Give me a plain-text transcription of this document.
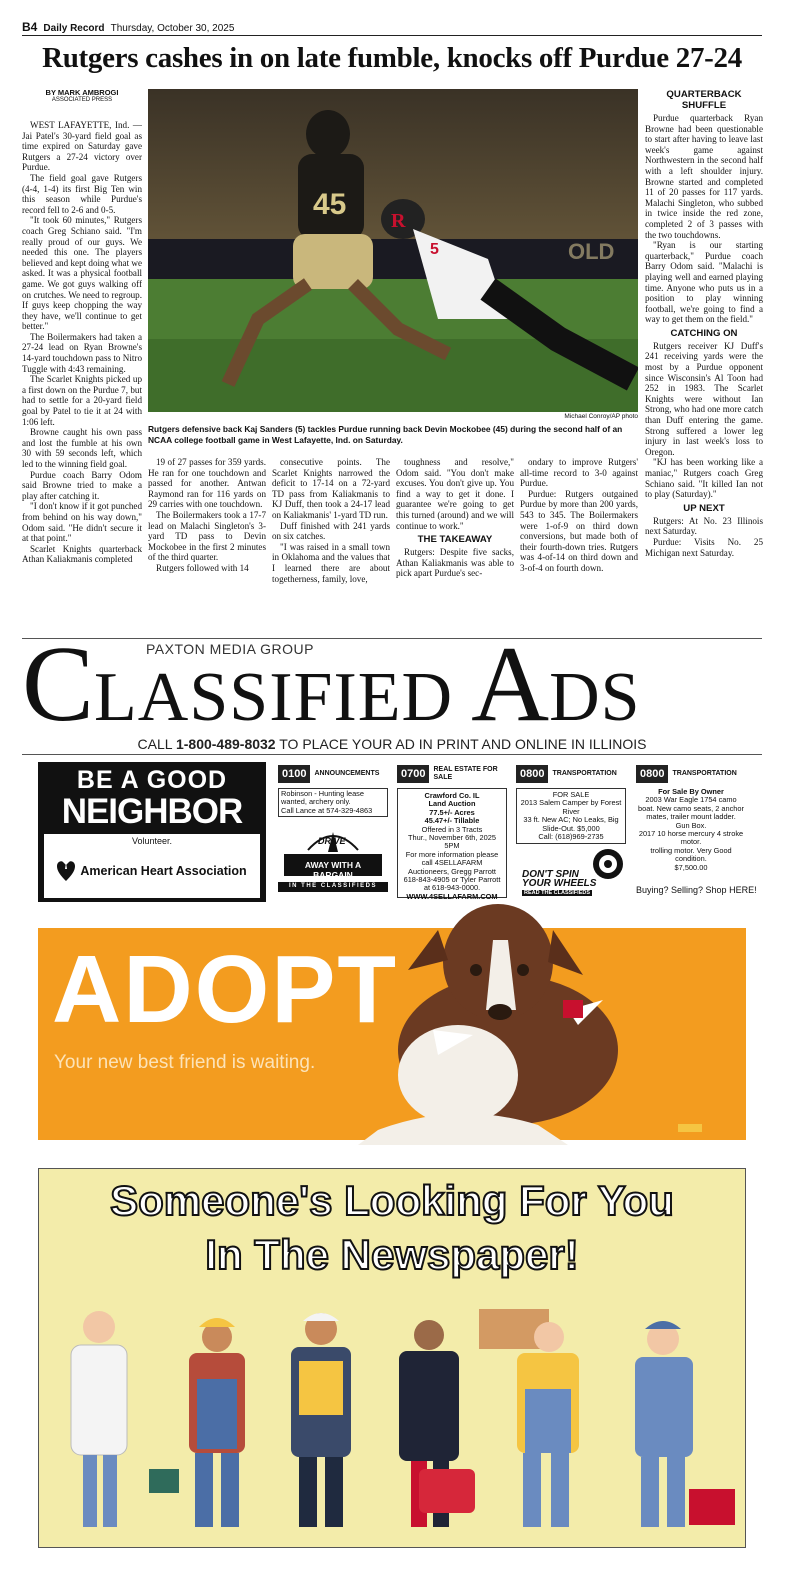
B4 Daily Record Thursday, October 30, 2025
Rutgers cashes in on late fumble, knocks off Purdue 27-24
BY MARK AMBROGI
ASSOCIATED PRESS
OLD
45 R
5
Michael Conroy/AP photo
Rutgers defensive back Kaj Sanders (5) tackles Purdue running back Devin Mockobee (45) during the second half of an NCAA college football game in West Lafayette, Ind. on Saturday.

WEST LAFAYETTE, Ind. — Jai Patel's 30-yard field goal as time expired on Saturday gave Rutgers a 27-24 victory over Purdue.

The field goal gave Rutgers (4-4, 1-4) its first Big Ten win this season while Purdue's record fell to 2-6 and 0-5.

"It took 60 minutes," Rutgers coach Greg Schiano said. "I'm really proud of our guys. We needed this one. The players believed and kept doing what we asked. It was a physical football game. We got guys walking off on crutches. We need to regroup. If guys keep chopping the way they have, we'll continue to get better."

The Boilermakers had taken a 27-24 lead on Ryan Browne's 14-yard touchdown pass to Nitro Tuggle with 4:43 remaining.

The Scarlet Knights picked up a first down on the Purdue 7, but had to settle for a 20-yard field goal by Patel to tie it at 24 with 1:06 left.

Browne caught his own pass and lost the fumble at his own 30 with 59 seconds left, which led to the winning field goal.

Purdue coach Barry Odom said Browne tried to make a play after catching it.

"I don't know if it got punched from behind on his way down," Odom said. "He didn't secure it at that point."

Scarlet Knights quarterback Athan Kaliakmanis completed

19 of 27 passes for 359 yards. He ran for one touchdown and passed for another. Antwan Raymond ran for 116 yards on 29 carries with one touchdown.

The Boilermakers took a 17-7 lead on Malachi Singleton's 3-yard TD pass to Devin Mockobee in the first 2 minutes of the third quarter.

Rutgers followed with 14

consecutive points. The Scarlet Knights narrowed the deficit to 17-14 on a 72-yard TD pass from Kaliakmanis to KJ Duff, then took a 24-17 lead on Kaliakmanis' 1-yard TD run.

Duff finished with 241 yards on six catches.

"I was raised in a small town in Oklahoma and the values that I learned there are about togetherness, family, love,

toughness and resolve," Odom said. "You don't make excuses. You don't give up. You find a way to get it done. I guarantee we're going to get this turned (around) and we will continue to work."

THE TAKEAWAY

Rutgers: Despite five sacks, Athan Kaliakmanis was able to pick apart Purdue's sec-

ondary to improve Rutgers' all-time record to 3-0 against Purdue.

Purdue: Rutgers outgained Purdue by more than 200 yards, 543 to 345. The Boilermakers were 1-of-9 on third down conversions, but made both of their fourth-down tries. Rutgers was 4-of-14 on third down and 3-of-4 on fourth down.

QUARTERBACK SHUFFLE

Purdue quarterback Ryan Browne had been questionable to start after having to leave last week's game against Northwestern in the second half with a left shoulder injury. Browne started and completed 11 of 20 passes for 117 yards. Malachi Singleton, who subbed in twice inside the red zone, completed 2 of 3 passes with the two touchdowns.

"Ryan is our starting quarterback," Purdue coach Barry Odom said. "Malachi is playing well and earned playing time. Anyone who puts us in a position to play winning football, we're going to find a way to get them on the field."

CATCHING ON

Rutgers receiver KJ Duff's 241 receiving yards were the most by a Purdue opponent since Wisconsin's Al Toon had 252 in 1983. The Scarlet Knights were without Ian Strong, who had one more catch than Duff entering the game. Strong suffered a lower leg injury in last week's loss to Oregon.

"KJ has been working like a maniac," Rutgers coach Greg Schiano said. "It killed Ian not to play (Saturday)."

UP NEXT

Rutgers: At No. 23 Illinois next Saturday.

Purdue: Visits No. 25 Michigan next Saturday.

PAXTON MEDIA GROUP
CLASSIFIED ADS
CALL 1-800-489-8032 TO PLACE YOUR AD IN PRINT AND ONLINE IN ILLINOIS
BE A GOOD
NEIGHBOR
Volunteer.
American Heart Association
0100	ANNOUNCEMENTS
Robinson - Hunting lease wanted, archery only.
Call Lance at 574-329-4863
DRIVE
AWAY WITH A BARGAIN
IN THE CLASSIFIEDS
0700	REAL ESTATE FOR SALE
Crawford Co. IL
Land Auction
77.5+/- Acres
45.47+/- Tillable
Offered in 3 Tracts
Thur., November 6th, 2025
5PM
For more information please call 4SELLAFARM
Auctioneers, Gregg Parrott 618-843-4905 or Tyler Parrott at 618-943-0000.
WWW.4SELLAFARM.COM
0800	TRANSPORTATION
FOR SALE
2013 Salem Camper by Forest River
33 ft. New AC; No Leaks, Big Slide-Out. $5,000
Call: (618)969-2735
DON'T SPIN
YOUR WHEELS
READ THE CLASSIFIEDS
0800	TRANSPORTATION
For Sale By Owner
2003 War Eagle 1754 camo boat. New camo seats, 2 anchor mates, trailer mount ladder.
Gun Box.
2017 10 horse mercury 4 stroke motor.
trolling motor. Very Good condition.
$7,500.00
Buying? Selling? Shop HERE!
ADOPT
Your new best friend is waiting.
Someone's Looking For You
In The Newspaper!
